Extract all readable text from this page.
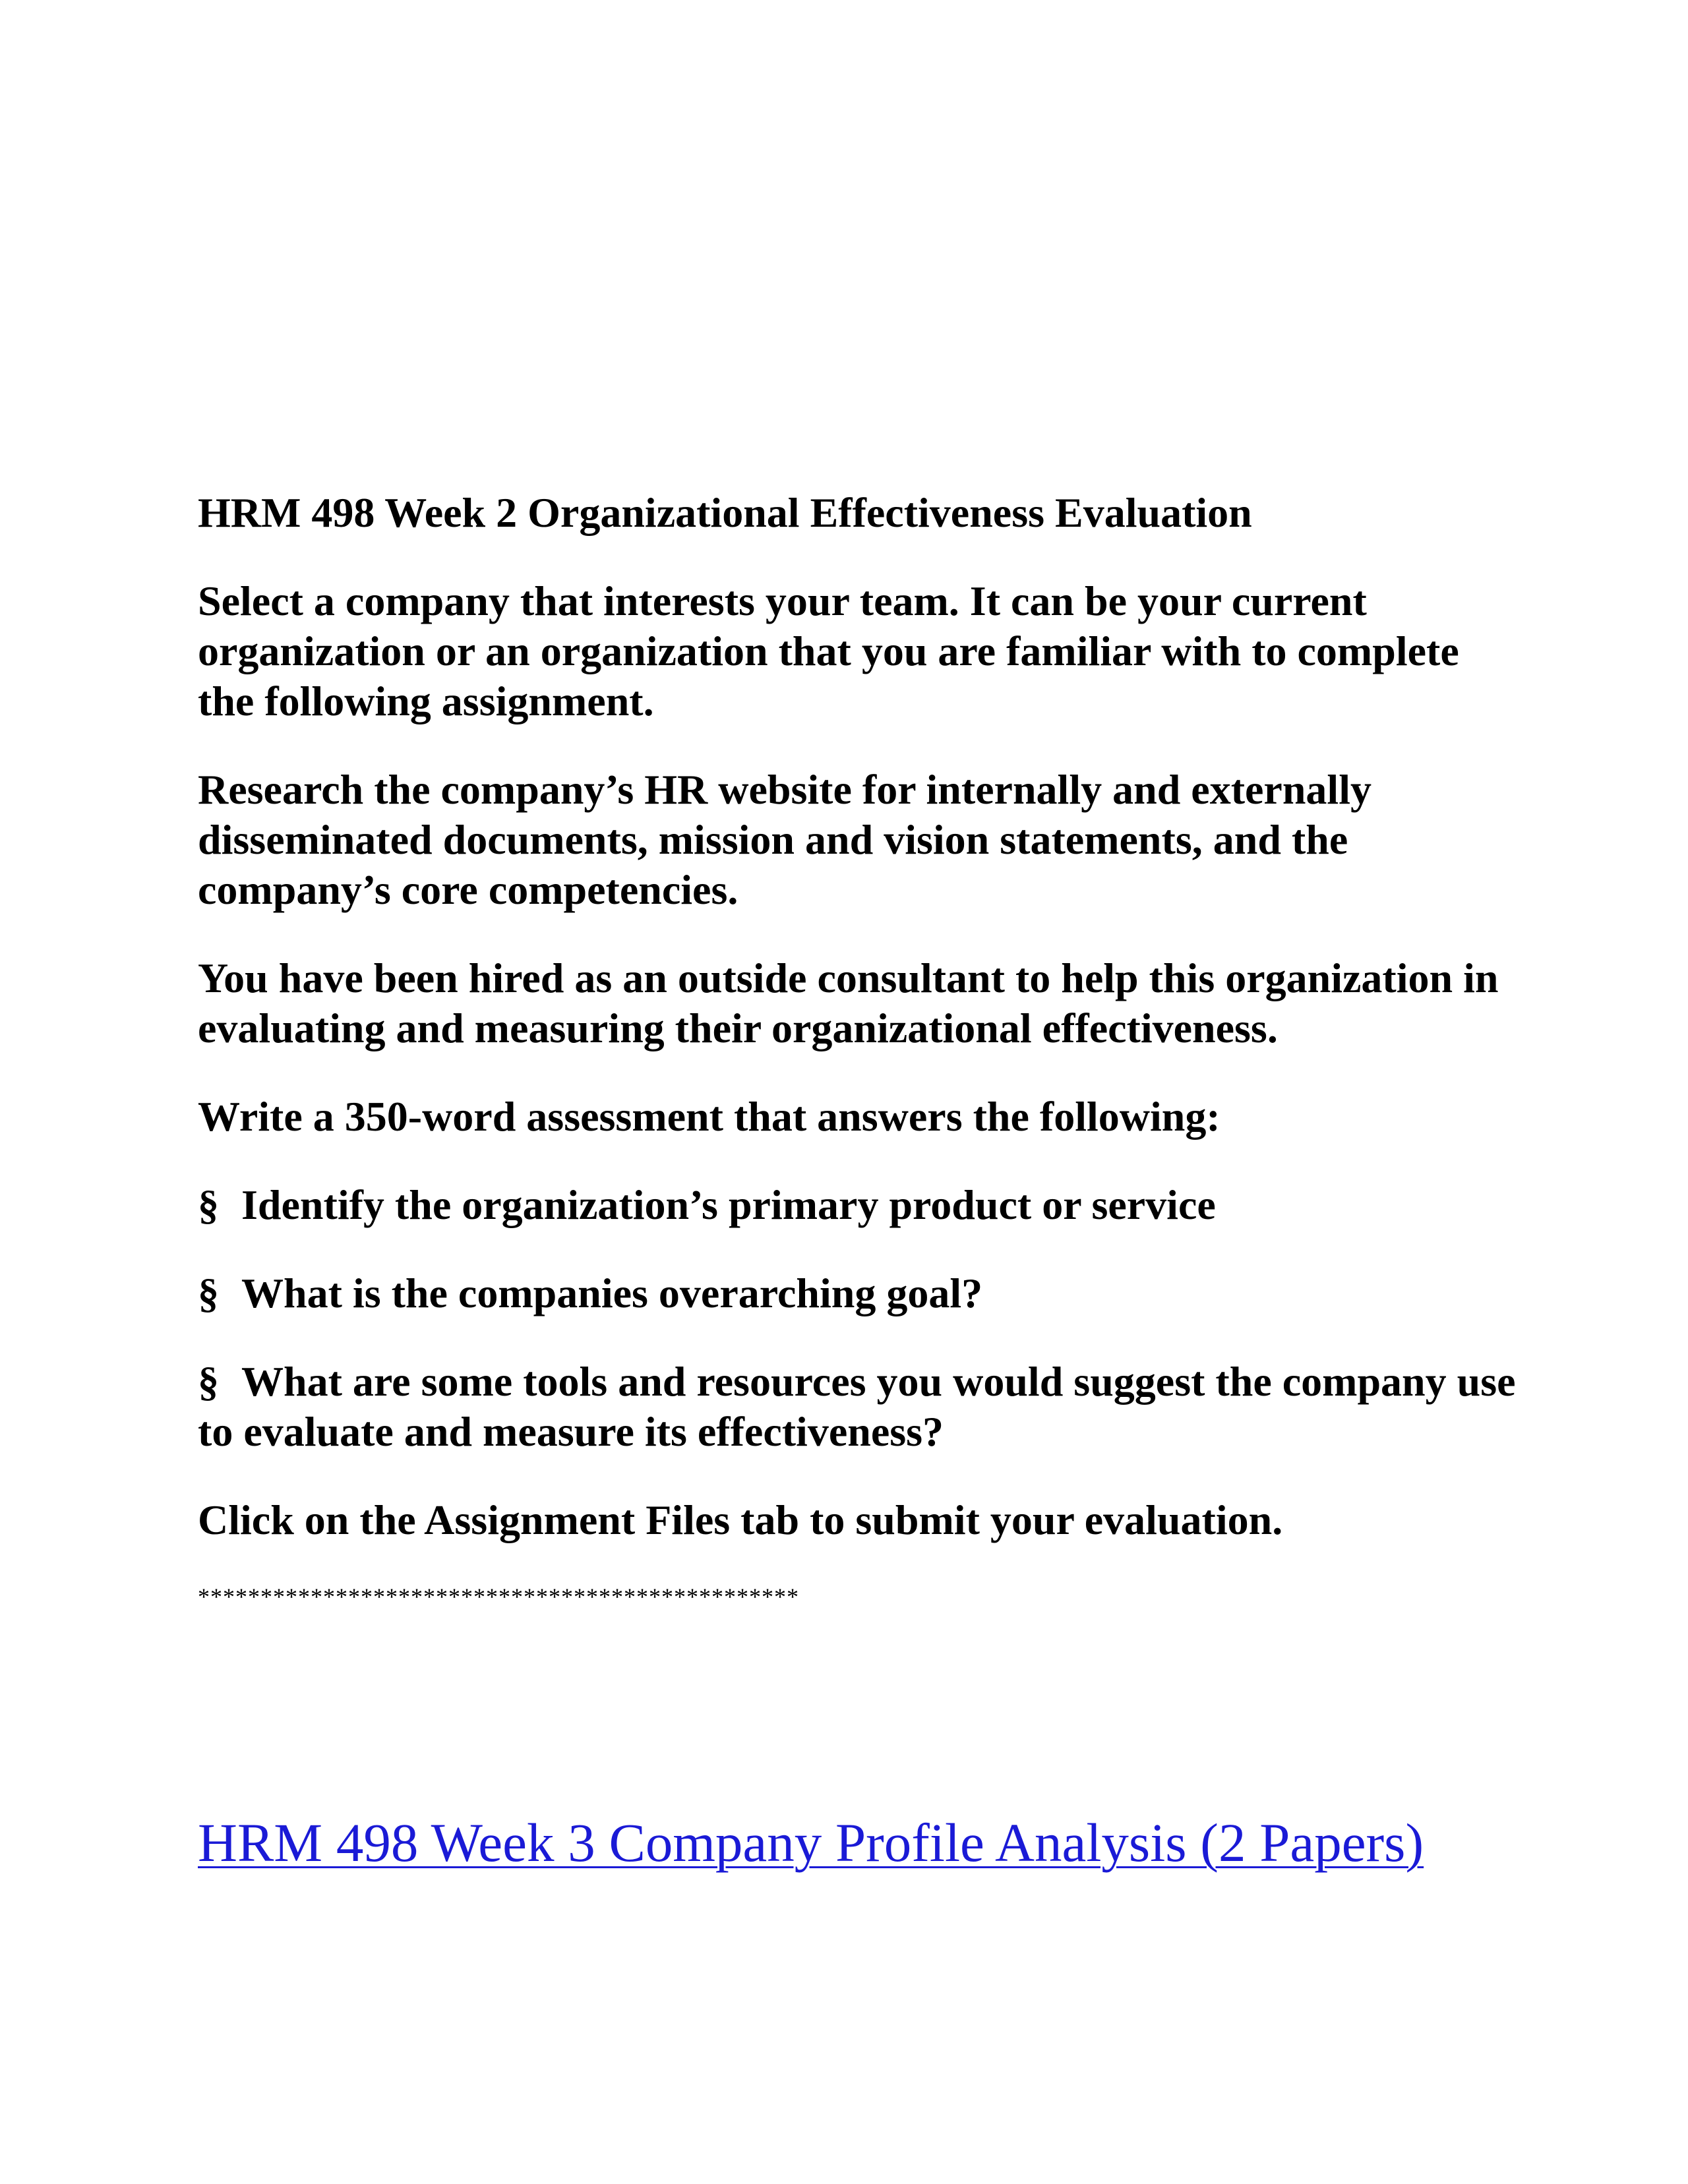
HRM 498 Week 2 Organizational Effectiveness Evaluation

Select a company that interests your team. It can be your current organization or an organization that you are familiar with to complete the following assignment.

Research the company’s HR website for internally and externally disseminated documents, mission and vision statements, and the company’s core competencies.

You have been hired as an outside consultant to help this organization in evaluating and measuring their organizational effectiveness.

Write a 350-word assessment that answers the following:

§ Identify the organization’s primary product or service

§ What is the companies overarching goal?

§ What are some tools and resources you would suggest the company use to evaluate and measure its effectiveness?

Click on the Assignment Files tab to submit your evaluation.

************************************************

HRM 498 Week 3 Company Profile Analysis (2 Papers)
